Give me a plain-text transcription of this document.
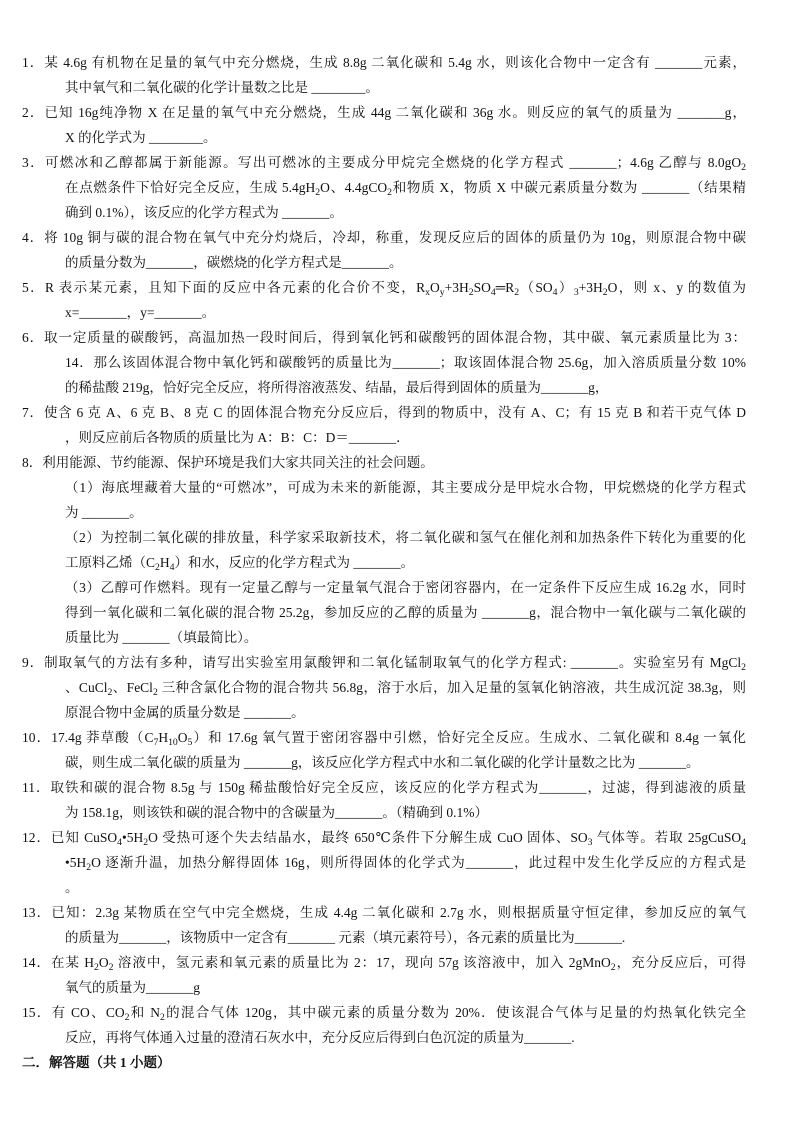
1．某 4.6g 有机物在足量的氧气中充分燃烧，生成 8.8g 二氧化碳和 5.4g 水，则该化合物中一定含有 _______元素，
其中氧气和二氧化碳的化学计量数之比是 ________。
2．已知 16g纯净物 X 在足量的氧气中充分燃烧，生成 44g 二氧化碳和 36g 水。则反应的氧气的质量为 _______g，
X 的化学式为 ________。
3．可燃冰和乙醇都属于新能源。写出可燃冰的主要成分甲烷完全燃烧的化学方程式 _______；4.6g 乙醇与 $8.0gO_2$
在点燃条件下恰好完全反应，生成 $5.4gH_2O$、4.4gCO$_2$和物质 X，物质 X 中碳元素质量分数为 _______（结果精
确到 0.1%），该反应的化学方程式为 _______。
4．将 10g 铜与碳的混合物在氧气中充分灼烧后，冷却，称重，发现反应后的固体的质量仍为 10g，则原混合物中碳
的质量分数为_______，碳燃烧的化学方程式是_______。
5．R 表示某元素，且知下面的反应中各元素的化合价不变，$R_xO_y+3H_2SO_4═R_2(SO_4)_3+3H_2O$，则 x、y 的数值为
x=_______，y=_______。
6．取一定质量的碳酸钙，高温加热一段时间后，得到氧化钙和碳酸钙的固体混合物，其中碳、氧元素质量比为 3：
14．那么该固体混合物中氧化钙和碳酸钙的质量比为_______；取该固体混合物 25.6g，加入溶质质量分数 10%
的稀盐酸 219g，恰好完全反应，将所得溶液蒸发、结晶，最后得到固体的质量为_______g，
7．使含 6 克 A、6 克 B、8 克 C 的固体混合物充分反应后，得到的物质中，没有 A、C；有 15 克 B 和若干克气体 D
，则反应前后各物质的质量比为 A：B：C：D＝_______．
8．利用能源、节约能源、保护环境是我们大家共同关注的社会问题。
（1）海底埋藏着大量的“可燃冰”，可成为未来的新能源，其主要成分是甲烷水合物，甲烷燃烧的化学方程式
为 _______。
（2）为控制二氧化碳的排放量，科学家采取新技术，将二氧化碳和氢气在催化剂和加热条件下转化为重要的化
工原料乙烯$(C_2H_4)$和水，反应的化学方程式为 _______。
（3）乙醇可作燃料。现有一定量乙醇与一定量氧气混合于密闭容器内，在一定条件下反应生成 16.2g 水，同时
得到一氧化碳和二氧化碳的混合物 25.2g，参加反应的乙醇的质量为 _______g，混合物中一氧化碳与二氧化碳的
质量比为 _______（填最简比）。
9．制取氧气的方法有多种，请写出实验室用氯酸钾和二氧化锰制取氧气的化学方程式: _______。实验室另有 MgCl$_2$
、CuCl$_2$、FeCl$_2$ 三种含氯化合物的混合物共 56.8g，溶于水后，加入足量的氢氧化钠溶液，共生成沉淀 38.3g，则
原混合物中金属的质量分数是 _______。
10．17.4g 莽草酸$(C_7H_{10}O_5)$和 17.6g 氧气置于密闭容器中引燃，恰好完全反应。生成水、二氧化碳和 8.4g 一氧化
碳，则生成二氧化碳的质量为 _______g，该反应化学方程式中水和二氧化碳的化学计量数之比为 _______。
11．取铁和碳的混合物 8.5g 与 150g 稀盐酸恰好完全反应，该反应的化学方程式为_______，过滤，得到滤液的质量
为 158.1g，则该铁和碳的混合物中的含碳量为_______。（精确到 0.1%）
12．已知 $CuSO_4•5H_2O$ 受热可逐个失去结晶水，最终 650℃条件下分解生成 CuO 固体、$SO_3$ 气体等。若取 25gCuSO$_4$
$•5H_2O$ 逐渐升温，加热分解得固体 16g，则所得固体的化学式为_______，此过程中发生化学反应的方程式是
。
13．已知：2.3g 某物质在空气中完全燃烧，生成 4.4g 二氧化碳和 2.7g 水，则根据质量守恒定律，参加反应的氧气
的质量为_______，该物质中一定含有_______ 元素（填元素符号），各元素的质量比为_______.
14．在某 $H_2O_2$ 溶液中，氢元素和氧元素的质量比为 2：17，现向 57g 该溶液中，加入 2gMnO$_2$，充分反应后，可得
氧气的质量为_______g
15．有 CO、$CO_2$和 $N_2$的混合气体 120g，其中碳元素的质量分数为 20%．使该混合气体与足量的灼热氧化铁完全
反应，再将气体通入过量的澄清石灰水中，充分反应后得到白色沉淀的质量为_______.
二．解答题（共 1 小题）
